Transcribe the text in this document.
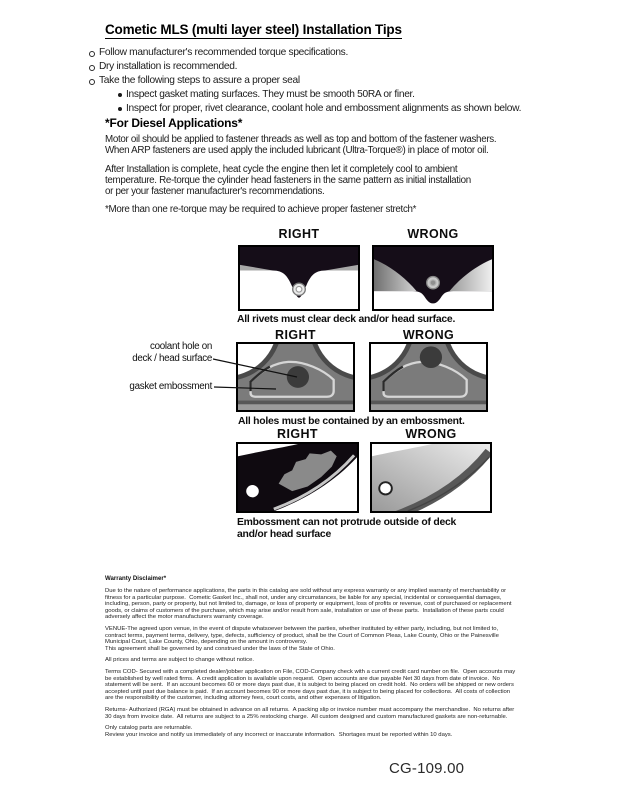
Cometic MLS (multi layer steel) Installation Tips
Follow manufacturer's recommended torque specifications.
Dry installation is recommended.
Take the following steps to assure a proper seal
Inspect gasket mating surfaces. They must be smooth 50RA or finer.
Inspect for proper, rivet clearance, coolant hole and embossment alignments as shown below.
*For Diesel Applications*
Motor oil should be applied to fastener threads as well as top and bottom of the fastener washers.
When ARP fasteners are used apply the included lubricant (Ultra-Torque®) in place of motor oil.
After Installation is complete, heat cycle the engine then let it completely cool to ambient
temperature. Re-torque the cylinder head fasteners in the same pattern as initial installation
or per your fastener manufacturer's recommendations.
*More than one re-torque may be required to achieve proper fastener stretch*
RIGHT	WRONG
All rivets must clear deck and/or head surface.
RIGHT	WRONG
coolant hole on
deck / head surface
gasket embossment
All holes must be contained by an embossment.
RIGHT	WRONG
Embossment can not protrude outside of deck
and/or head surface
Warranty Disclaimer*

Due to the nature of performance applications, the parts in this catalog are sold without any express warranty or any implied warranty of merchantability or
fitness for a particular purpose.  Cometic Gasket Inc., shall not, under any circumstances, be liable for any special, incidental or consequential damages,
including, person, party or property, but not limited to, damage, or loss of property or equipment, loss of profits or revenue, cost of purchased or replacement
goods, or claims of customers of the purchase, which may arise and/or result from sale, installation or use of these parts.  Installation of these parts could
adversely affect the motor manufacturers warranty coverage.

VENUE-The agreed upon venue, in the event of dispute whatsoever between the parties, whether instituted by either party, including, but not limited to,
contract terms, payment terms, delivery, type, defects, sufficiency of product, shall be the Court of Common Pleas, Lake County, Ohio or the Painesville
Municipal Court, Lake County, Ohio, depending on the amount in controversy.
This agreement shall be governed by and construed under the laws of the State of Ohio.

All prices and terms are subject to change without notice.

Terms COD- Secured with a completed dealer/jobber application on File, COD-Company check with a current credit card number on file.  Open accounts may
be established by well rated firms.  A credit application is available upon request.  Open accounts are due payable Net 30 days from date of invoice.  No
statement will be sent.  If an account becomes 60 or more days past due, it is subject to being placed on credit hold.  No orders will be shipped or new orders
accepted until past due balance is paid.  If an account becomes 90 or more days past due, it is subject to being placed for collections.  All costs of collection
are the responsibility of the customer, including attorney fees, court costs, and other expenses of litigation.

Returns- Authorized (RGA) must be obtained in advance on all returns.  A packing slip or invoice number must accompany the merchandise.  No returns after
30 days from invoice date.  All returns are subject to a 25% restocking charge.  All custom designed and custom manufactured gaskets are non-returnable.

Only catalog parts are returnable.
Review your invoice and notify us immediately of any incorrect or inaccurate information.  Shortages must be reported within 10 days.

CG-109.00
